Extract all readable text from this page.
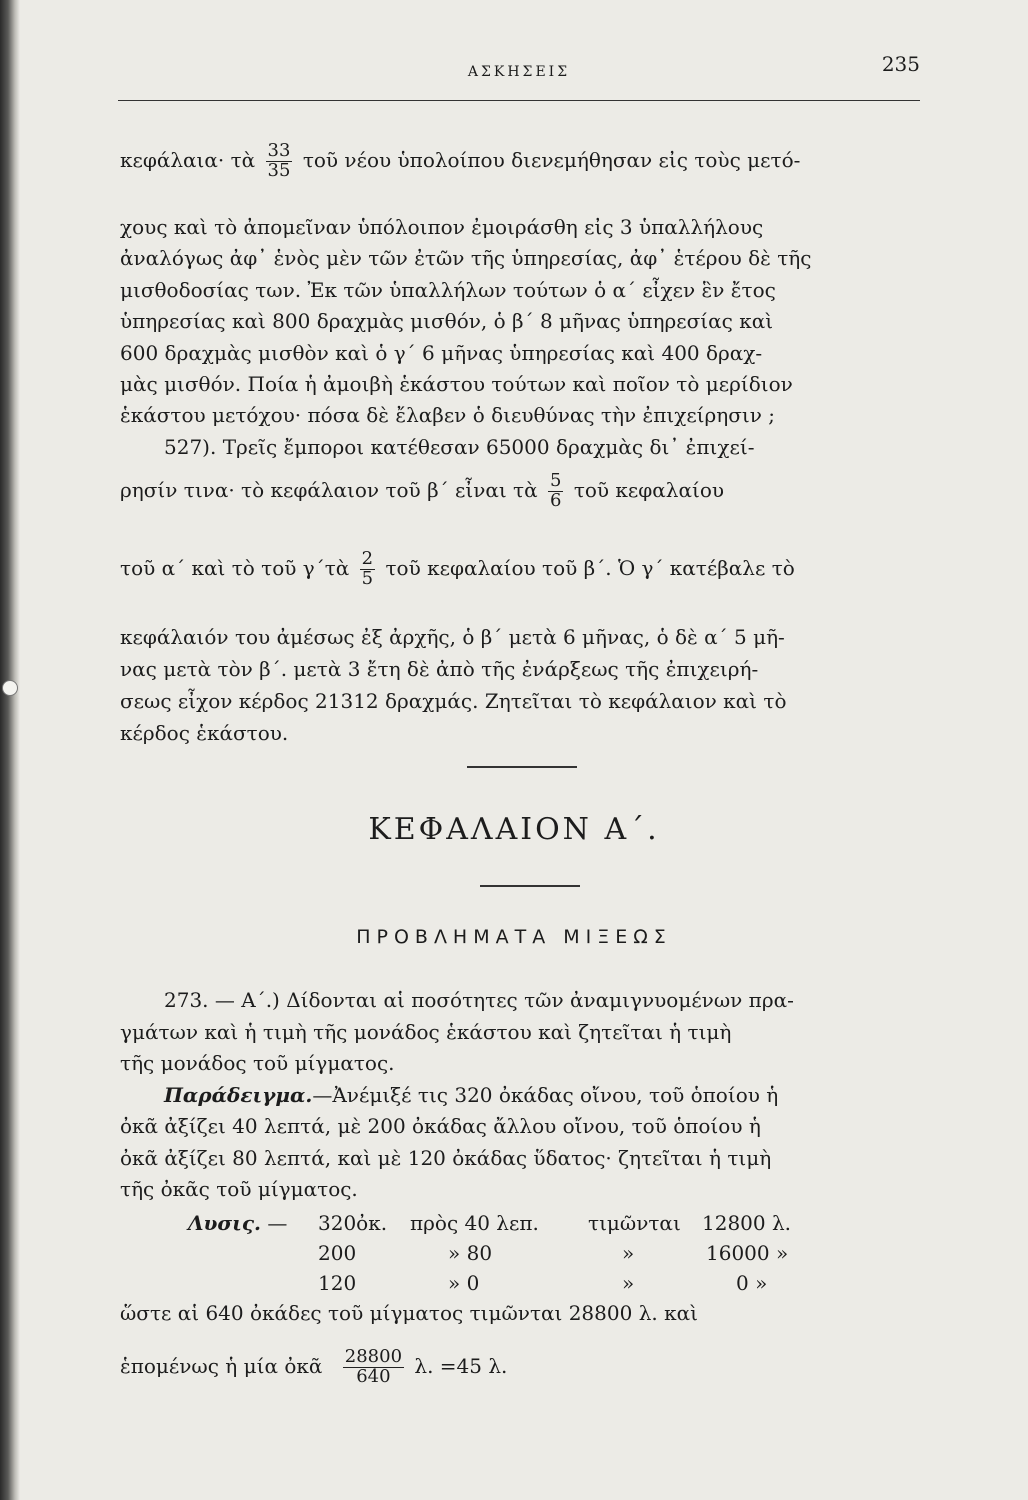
ΑΣΚΗΣΕΙΣ	235
κεφάλαια· τὰ $\frac{33}{35}$ τοῦ νέου ὑπολοίπου διενεμήθησαν εἰς τοὺς μετό-
χους καὶ τὸ ἀπομεῖναν ὑπόλοιπον ἐμοιράσθη εἰς 3 ὑπαλλήλους
ἀναλόγως ἀφ᾽ ἑνὸς μὲν τῶν ἐτῶν τῆς ὑπηρεσίας, ἀφ᾽ ἑτέρου δὲ τῆς
μισθοδοσίας των. Ἐκ τῶν ὑπαλλήλων τούτων ὁ α΄ εἶχεν ἓν ἔτος
ὑπηρεσίας καὶ 800 δραχμὰς μισθόν, ὁ β΄ 8 μῆνας ὑπηρεσίας καὶ
600 δραχμὰς μισθὸν καὶ ὁ γ΄ 6 μῆνας ὑπηρεσίας καὶ 400 δραχ-
μὰς μισθόν. Ποία ἡ ἀμοιβὴ ἑκάστου τούτων καὶ ποῖον τὸ μερίδιον
ἑκάστου μετόχου· πόσα δὲ ἔλαβεν ὁ διευθύνας τὴν ἐπιχείρησιν ;
527). Τρεῖς ἔμποροι κατέθεσαν 65000 δραχμὰς δι᾽ ἐπιχεί-
ρησίν τινα· τὸ κεφάλαιον τοῦ β΄ εἶναι τὰ $\frac{5}{6}$ τοῦ κεφαλαίου
τοῦ α΄ καὶ τὸ τοῦ γ΄τὰ $\frac{2}{5}$ τοῦ κεφαλαίου τοῦ β΄. Ὁ γ΄ κατέβαλε τὸ
κεφάλαιόν του ἀμέσως ἐξ ἀρχῆς, ὁ β΄ μετὰ 6 μῆνας, ὁ δὲ α΄ 5 μῆ-
νας μετὰ τὸν β΄. μετὰ 3 ἔτη δὲ ἀπὸ τῆς ἐνάρξεως τῆς ἐπιχειρή-
σεως εἶχον κέρδος 21312 δραχμάς. Ζητεῖται τὸ κεφάλαιον καὶ τὸ
κέρδος ἑκάστου.
ΚΕΦΑΛΑΙΟΝ Α΄.
ΠΡΟΒΛΗΜΑΤΑ ΜΙΞΕΩΣ
273. — Α΄.) Δίδονται αἱ ποσότητες τῶν ἀναμιγνυομένων πρα-
γμάτων καὶ ἡ τιμὴ τῆς μονάδος ἑκάστου καὶ ζητεῖται ἡ τιμὴ
τῆς μονάδος τοῦ μίγματος.
Παράδειγμα.—Ἀνέμιξέ τις 320 ὀκάδας οἴνου, τοῦ ὁποίου ἡ
ὀκᾶ ἀξίζει 40 λεπτά, μὲ 200 ὀκάδας ἄλλου οἴνου, τοῦ ὁποίου ἡ
ὀκᾶ ἀξίζει 80 λεπτά, καὶ μὲ 120 ὀκάδας ὕδατος· ζητεῖται ἡ τιμὴ
τῆς ὀκᾶς τοῦ μίγματος.
Λυσις. — 320ὀκ. πρὸς 40 λεπ. τιμῶνται 12800 λ.
200	» 80	»	16000 »
120	» 0	»	0 »
ὥστε αἱ 640 ὀκάδες τοῦ μίγματος τιμῶνται 28800 λ. καὶ
ἑπομένως ἡ μία ὀκᾶ $\frac{28800}{640} \lambda$. =45 λ.
